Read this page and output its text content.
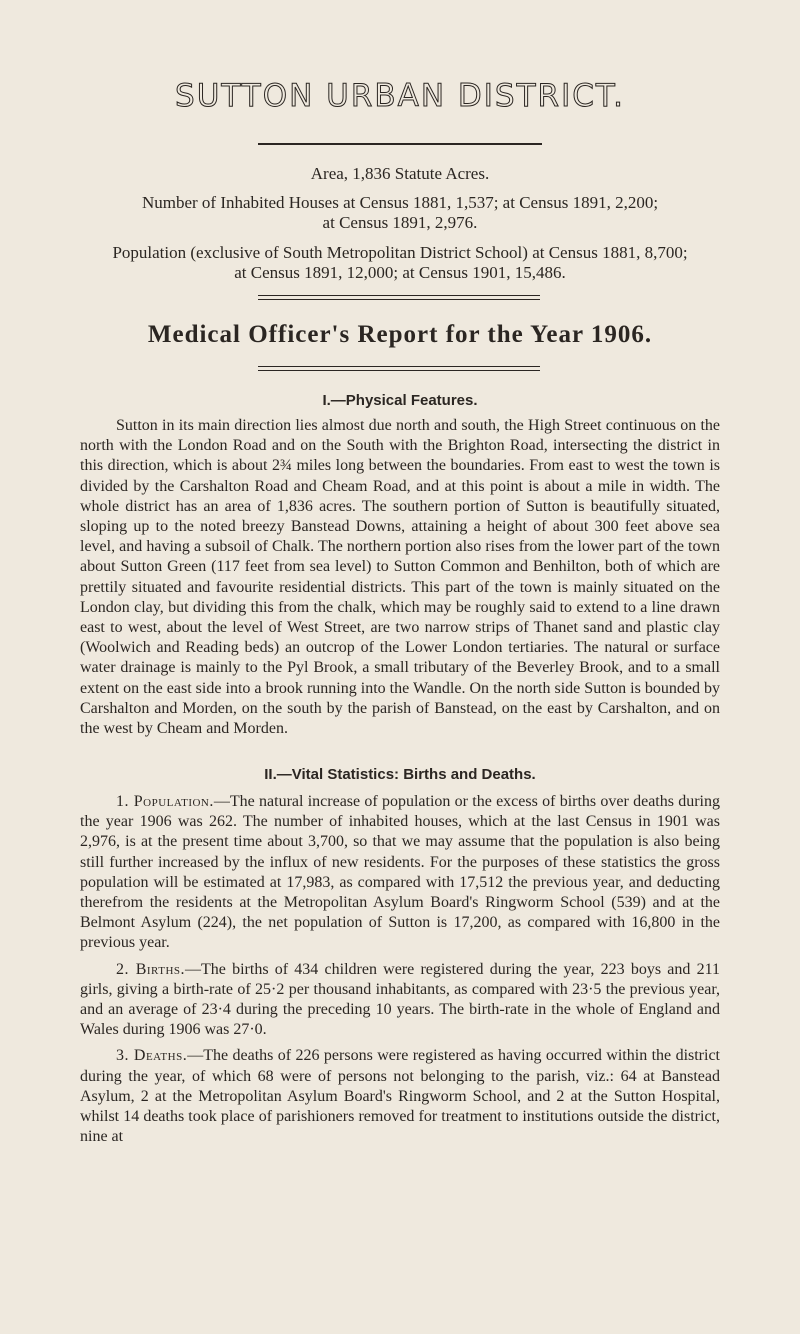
SUTTON URBAN DISTRICT.
Area, 1,836 Statute Acres.
Number of Inhabited Houses at Census 1881, 1,537; at Census 1891, 2,200;
at Census 1891, 2,976.
Population (exclusive of South Metropolitan District School) at Census 1881, 8,700;
at Census 1891, 12,000; at Census 1901, 15,486.
Medical Officer's Report for the Year 1906.
I.—Physical Features.

Sutton in its main direction lies almost due north and south, the High Street continuous on the north with the London Road and on the South with the Brighton Road, intersecting the district in this direction, which is about 2¾ miles long between the boundaries. From east to west the town is divided by the Carshalton Road and Cheam Road, and at this point is about a mile in width. The whole district has an area of 1,836 acres. The southern portion of Sutton is beautifully situated, sloping up to the noted breezy Banstead Downs, attaining a height of about 300 feet above sea level, and having a subsoil of Chalk. The northern portion also rises from the lower part of the town about Sutton Green (117 feet from sea level) to Sutton Common and Benhilton, both of which are prettily situated and favourite residential districts. This part of the town is mainly situated on the London clay, but dividing this from the chalk, which may be roughly said to extend to a line drawn east to west, about the level of West Street, are two narrow strips of Thanet sand and plastic clay (Woolwich and Reading beds) an outcrop of the Lower London tertiaries. The natural or surface water drainage is mainly to the Pyl Brook, a small tributary of the Beverley Brook, and to a small extent on the east side into a brook running into the Wandle. On the north side Sutton is bounded by Carshalton and Morden, on the south by the parish of Banstead, on the east by Carshalton, and on the west by Cheam and Morden.

II.—Vital Statistics: Births and Deaths.

1. Population.—The natural increase of population or the excess of births over deaths during the year 1906 was 262. The number of inhabited houses, which at the last Census in 1901 was 2,976, is at the present time about 3,700, so that we may assume that the population is also being still further increased by the influx of new residents. For the purposes of these statistics the gross population will be estimated at 17,983, as compared with 17,512 the previous year, and deducting therefrom the residents at the Metropolitan Asylum Board's Ringworm School (539) and at the Belmont Asylum (224), the net population of Sutton is 17,200, as compared with 16,800 in the previous year.

2. Births.—The births of 434 children were registered during the year, 223 boys and 211 girls, giving a birth-rate of 25·2 per thousand inhabitants, as compared with 23·5 the previous year, and an average of 23·4 during the preceding 10 years. The birth-rate in the whole of England and Wales during 1906 was 27·0.

3. Deaths.—The deaths of 226 persons were registered as having occurred within the district during the year, of which 68 were of persons not belonging to the parish, viz.: 64 at Banstead Asylum, 2 at the Metropolitan Asylum Board's Ringworm School, and 2 at the Sutton Hospital, whilst 14 deaths took place of parishioners removed for treatment to institutions outside the district, nine at
